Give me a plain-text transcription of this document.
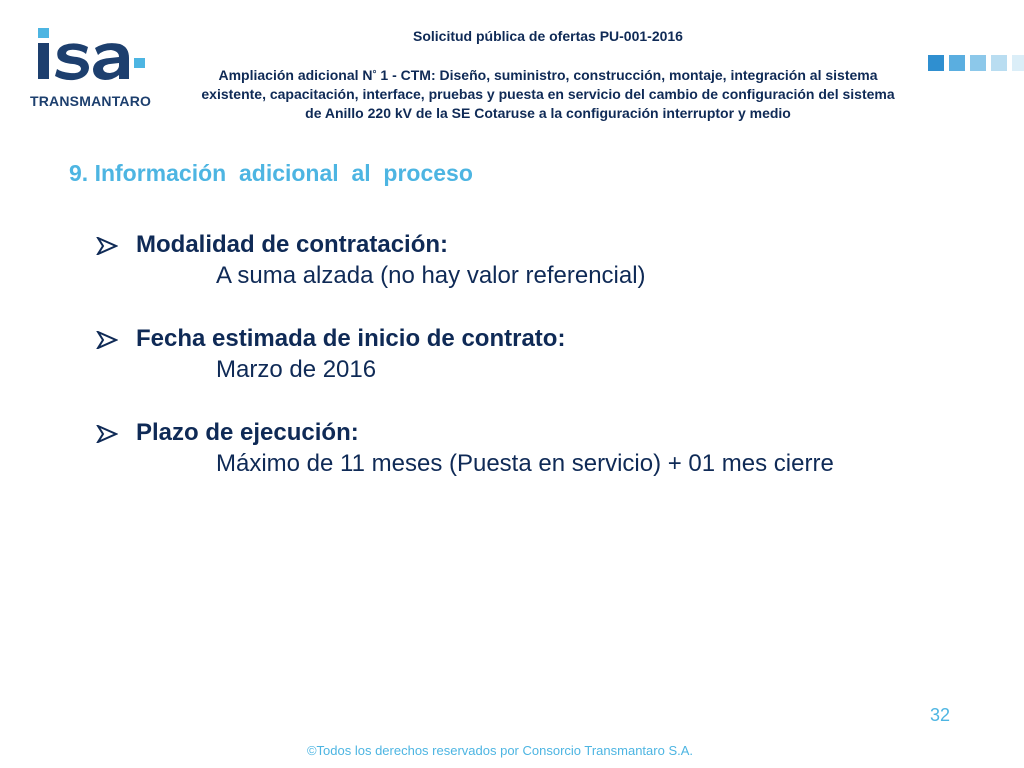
TRANSMANTARO

Solicitud pública de ofertas PU-001-2016

Ampliación adicional N° 1 - CTM: Diseño, suministro, construcción, montaje, integración al sistema existente, capacitación, interface, pruebas y puesta en servicio del cambio de configuración del sistema de Anillo 220 kV de la SE Cotaruse a la configuración interruptor y medio

9. Información  adicional  al  proceso
Modalidad de contratación:
A suma alzada (no hay valor referencial)
Fecha estimada de inicio de contrato:
Marzo de 2016
Plazo de ejecución:
Máximo de 11 meses (Puesta en servicio) + 01 mes cierre
32
©Todos los derechos reservados por Consorcio Transmantaro S.A.
